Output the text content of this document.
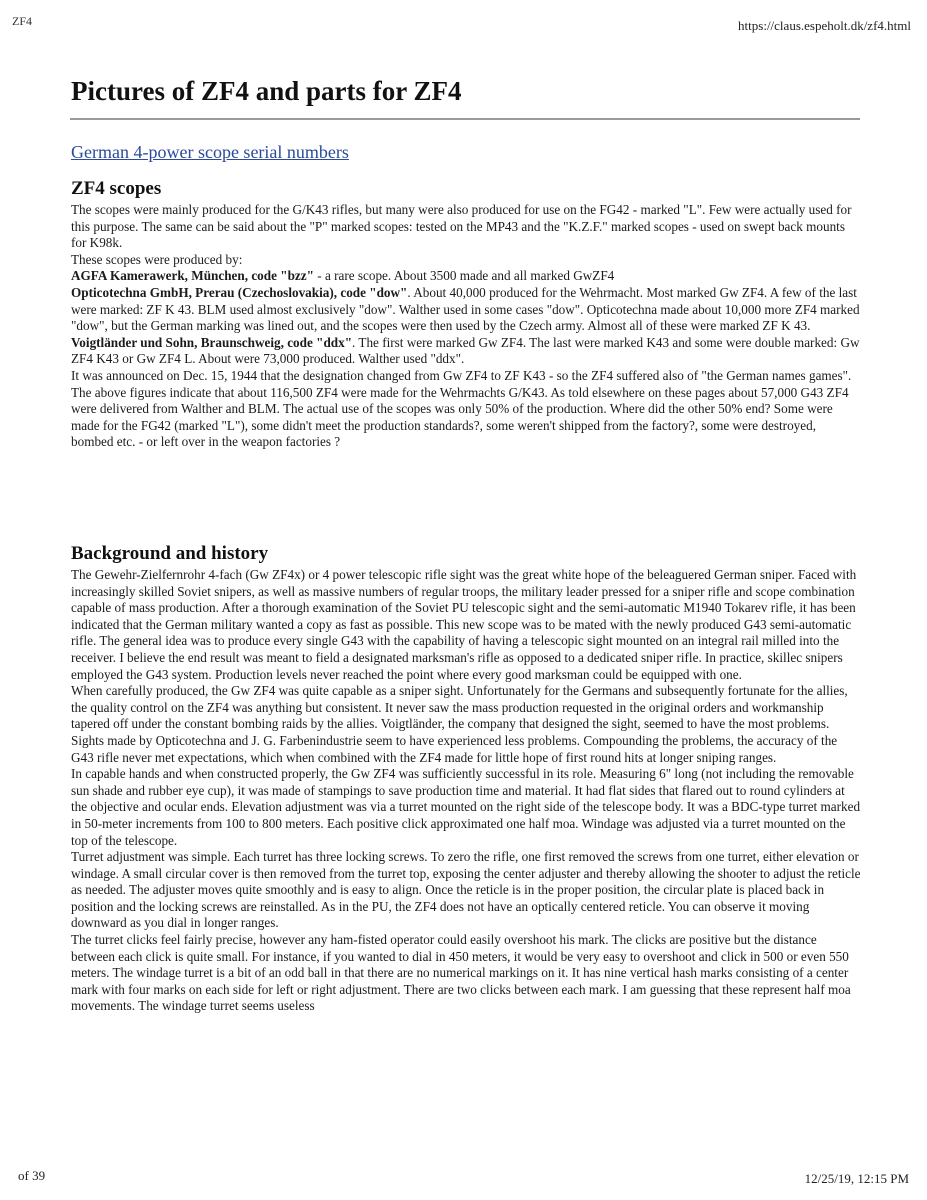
ZF4	https://claus.espeholt.dk/zf4.html
Pictures of ZF4 and parts for ZF4
German 4-power scope serial numbers
ZF4 scopes

The scopes were mainly produced for the G/K43 rifles, but many were also produced for use on the FG42 - marked "L". Few were actually used for this purpose. The same can be said about the "P" marked scopes: tested on the MP43 and the "K.Z.F." marked scopes - used on swept back mounts for K98k.

These scopes were produced by:

AGFA Kamerawerk, München, code "bzz" - a rare scope. About 3500 made and all marked GwZF4

Opticotechna GmbH, Prerau (Czechoslovakia), code "dow". About 40,000 produced for the Wehrmacht. Most marked Gw ZF4. A few of the last were marked: ZF K 43. BLM used almost exclusively "dow". Walther used in some cases "dow". Opticotechna made about 10,000 more ZF4 marked "dow", but the German marking was lined out, and the scopes were then used by the Czech army. Almost all of these were marked ZF K 43.

Voigtländer und Sohn, Braunschweig, code "ddx". The first were marked Gw ZF4. The last were marked K43 and some were double marked: Gw ZF4 K43 or Gw ZF4 L. About were 73,000 produced. Walther used "ddx".

It was announced on Dec. 15, 1944 that the designation changed from Gw ZF4 to ZF K43 - so the ZF4 suffered also of "the German names games".

The above figures indicate that about 116,500 ZF4 were made for the Wehrmachts G/K43. As told elsewhere on these pages about 57,000 G43 ZF4 were delivered from Walther and BLM. The actual use of the scopes was only 50% of the production. Where did the other 50% end? Some were made for the FG42 (marked "L"), some didn't meet the production standards?, some weren't shipped from the factory?, some were destroyed, bombed etc. - or left over in the weapon factories ?

Background and history

The Gewehr-Zielfernrohr 4-fach (Gw ZF4x) or 4 power telescopic rifle sight was the great white hope of the beleaguered German sniper. Faced with increasingly skilled Soviet snipers, as well as massive numbers of regular troops, the military leader pressed for a sniper rifle and scope combination capable of mass production. After a thorough examination of the Soviet PU telescopic sight and the semi-automatic M1940 Tokarev rifle, it has been indicated that the German military wanted a copy as fast as possible. This new scope was to be mated with the newly produced G43 semi-automatic rifle. The general idea was to produce every single G43 with the capability of having a telescopic sight mounted on an integral rail milled into the receiver. I believe the end result was meant to field a designated marksman's rifle as opposed to a dedicated sniper rifle. In practice, skillec snipers employed the G43 system. Production levels never reached the point where every good marksman could be equipped with one.

When carefully produced, the Gw ZF4 was quite capable as a sniper sight. Unfortunately for the Germans and subsequently fortunate for the allies, the quality control on the ZF4 was anything but consistent. It never saw the mass production requested in the original orders and workmanship tapered off under the constant bombing raids by the allies. Voigtländer, the company that designed the sight, seemed to have the most problems. Sights made by Opticotechna and J. G. Farbenindustrie seem to have experienced less problems. Compounding the problems, the accuracy of the G43 rifle never met expectations, which when combined with the ZF4 made for little hope of first round hits at longer sniping ranges.

In capable hands and when constructed properly, the Gw ZF4 was sufficiently successful in its role. Measuring 6" long (not including the removable sun shade and rubber eye cup), it was made of stampings to save production time and material. It had flat sides that flared out to round cylinders at the objective and ocular ends. Elevation adjustment was via a turret mounted on the right side of the telescope body. It was a BDC-type turret marked in 50-meter increments from 100 to 800 meters. Each positive click approximated one half moa. Windage was adjusted via a turret mounted on the top of the telescope.

Turret adjustment was simple. Each turret has three locking screws. To zero the rifle, one first removed the screws from one turret, either elevation or windage. A small circular cover is then removed from the turret top, exposing the center adjuster and thereby allowing the shooter to adjust the reticle as needed. The adjuster moves quite smoothly and is easy to align. Once the reticle is in the proper position, the circular plate is placed back in position and the locking screws are reinstalled. As in the PU, the ZF4 does not have an optically centered reticle. You can observe it moving downward as you dial in longer ranges.

The turret clicks feel fairly precise, however any ham-fisted operator could easily overshoot his mark. The clicks are positive but the distance between each click is quite small. For instance, if you wanted to dial in 450 meters, it would be very easy to overshoot and click in 500 or even 550 meters. The windage turret is a bit of an odd ball in that there are no numerical markings on it. It has nine vertical hash marks consisting of a center mark with four marks on each side for left or right adjustment. There are two clicks between each mark. I am guessing that these represent half moa movements. The windage turret seems useless

of 39	12/25/19, 12:15 PM
